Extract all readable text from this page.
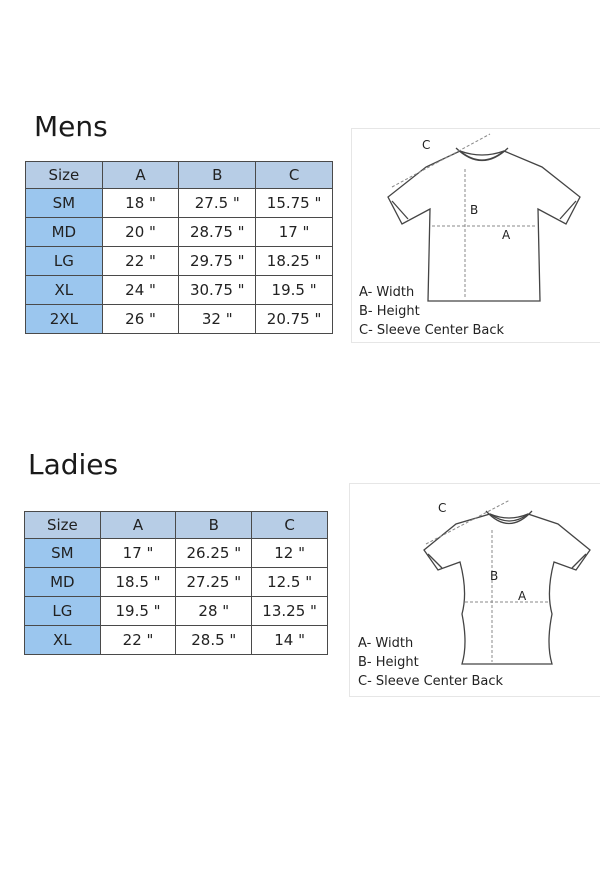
Mens
Size	A	B	C
SM	18 "	27.5 "	15.75 "
MD	20 "	28.75 "	17 "
LG	22 "	29.75 "	18.25 "
XL	24 "	30.75 "	19.5 "
2XL	26 "	32 "	20.75 "
B
A
C
A- Width
B- Height
C- Sleeve Center Back
Ladies
Size	A	B	C
SM	17 "	26.25 "	12 "
MD	18.5 "	27.25 "	12.5 "
LG	19.5 "	28 "	13.25 "
XL	22 "	28.5 "	14 "
B
A
C
A- Width
B- Height
C- Sleeve Center Back
